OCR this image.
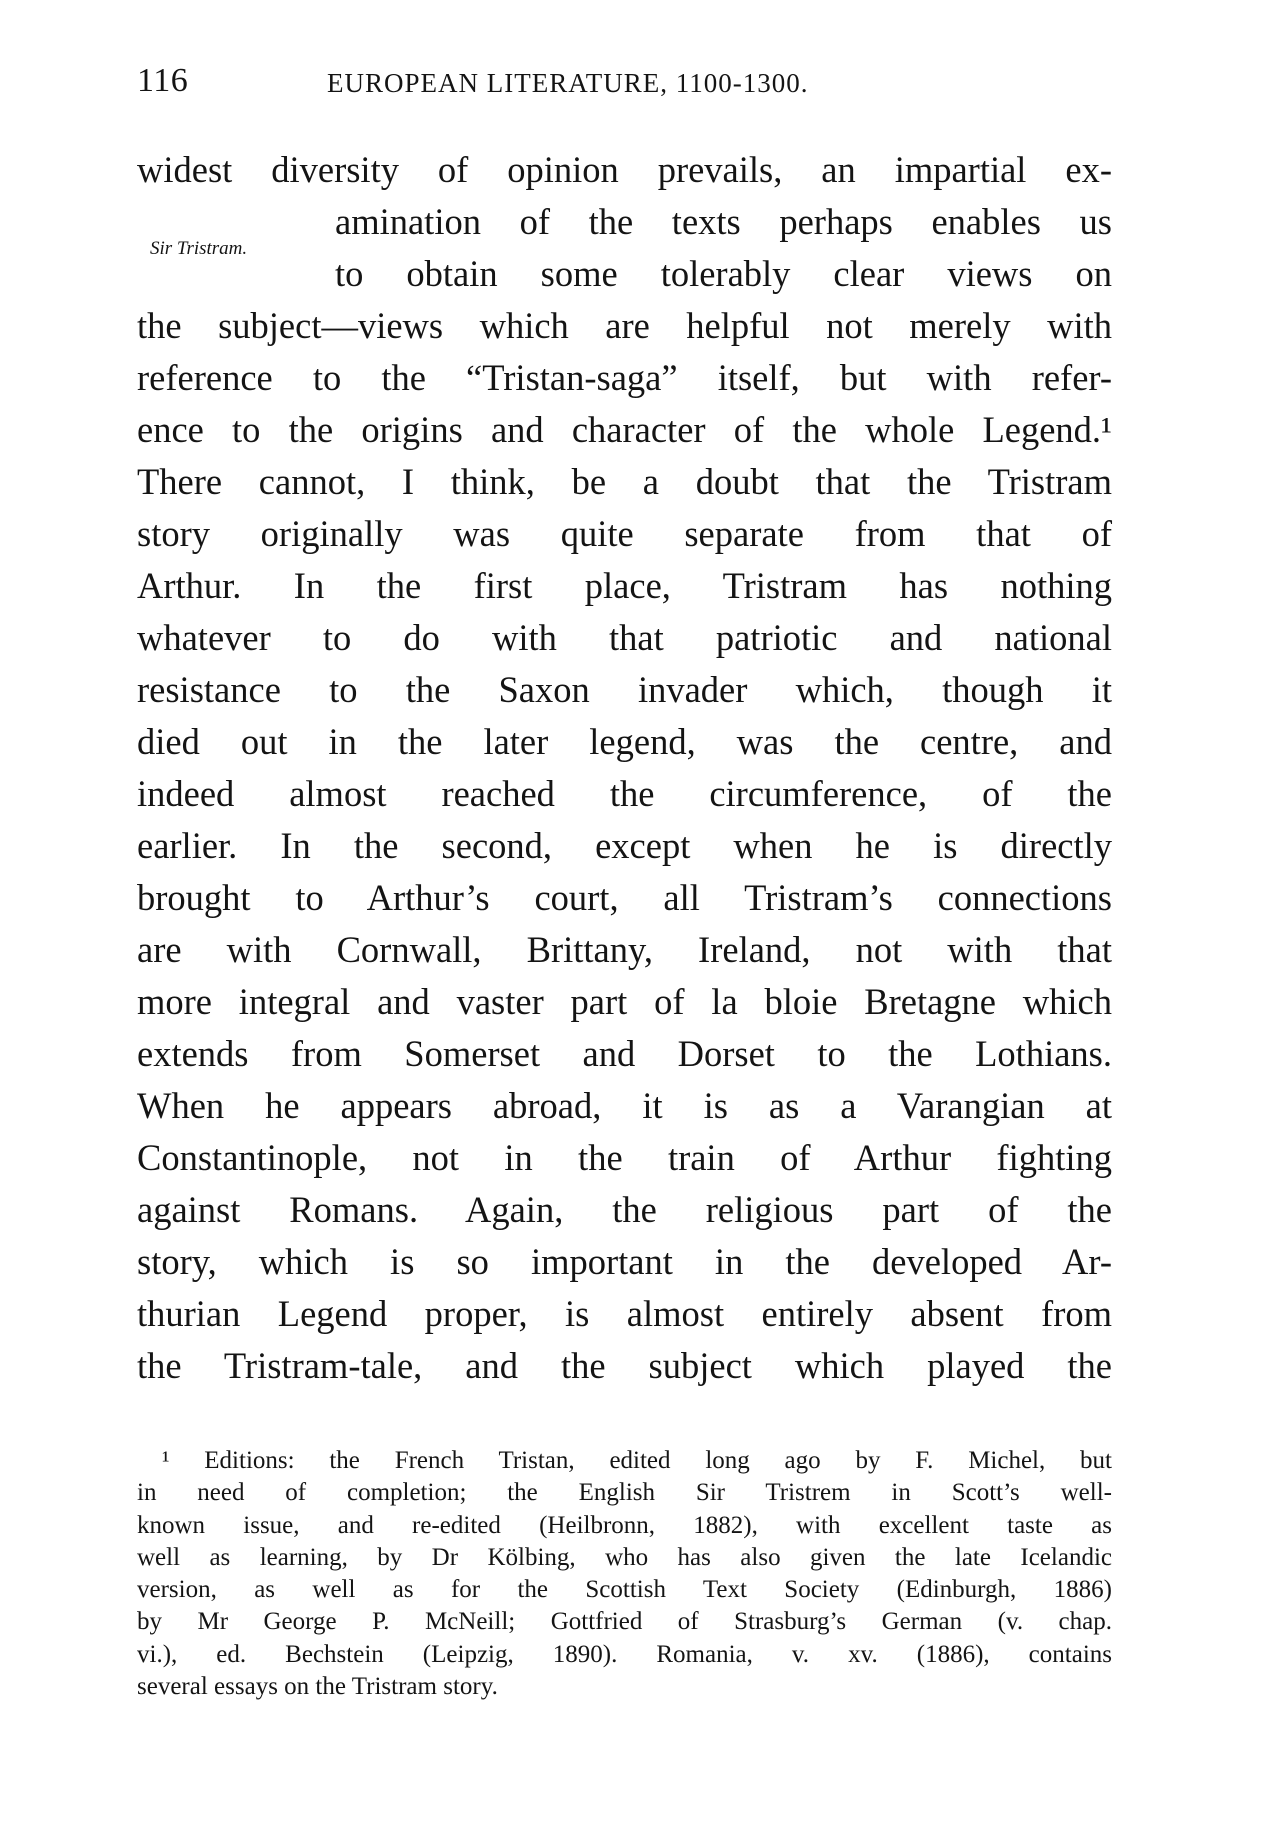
116	EUROPEAN LITERATURE, 1100-1300.
Sir Tristram.
widest diversity of opinion prevails, an impartial ex-
amination of the texts perhaps enables us
to obtain some tolerably clear views on
the subject—views which are helpful not merely with
reference to the “Tristan-saga” itself, but with refer-
ence to the origins and character of the whole Legend.¹
There cannot, I think, be a doubt that the Tristram
story originally was quite separate from that of
Arthur. In the first place, Tristram has nothing
whatever to do with that patriotic and national
resistance to the Saxon invader which, though it
died out in the later legend, was the centre, and
indeed almost reached the circumference, of the
earlier. In the second, except when he is directly
brought to Arthur’s court, all Tristram’s connections
are with Cornwall, Brittany, Ireland, not with that
more integral and vaster part of la bloie Bretagne which
extends from Somerset and Dorset to the Lothians.
When he appears abroad, it is as a Varangian at
Constantinople, not in the train of Arthur fighting
against Romans. Again, the religious part of the
story, which is so important in the developed Ar-
thurian Legend proper, is almost entirely absent from
the Tristram-tale, and the subject which played the
¹ Editions: the French Tristan, edited long ago by F. Michel, but
in need of completion; the English Sir Tristrem in Scott’s well-
known issue, and re-edited (Heilbronn, 1882), with excellent taste as
well as learning, by Dr Kölbing, who has also given the late Icelandic
version, as well as for the Scottish Text Society (Edinburgh, 1886)
by Mr George P. McNeill; Gottfried of Strasburg’s German (v. chap.
vi.), ed. Bechstein (Leipzig, 1890). Romania, v. xv. (1886), contains
several essays on the Tristram story.
